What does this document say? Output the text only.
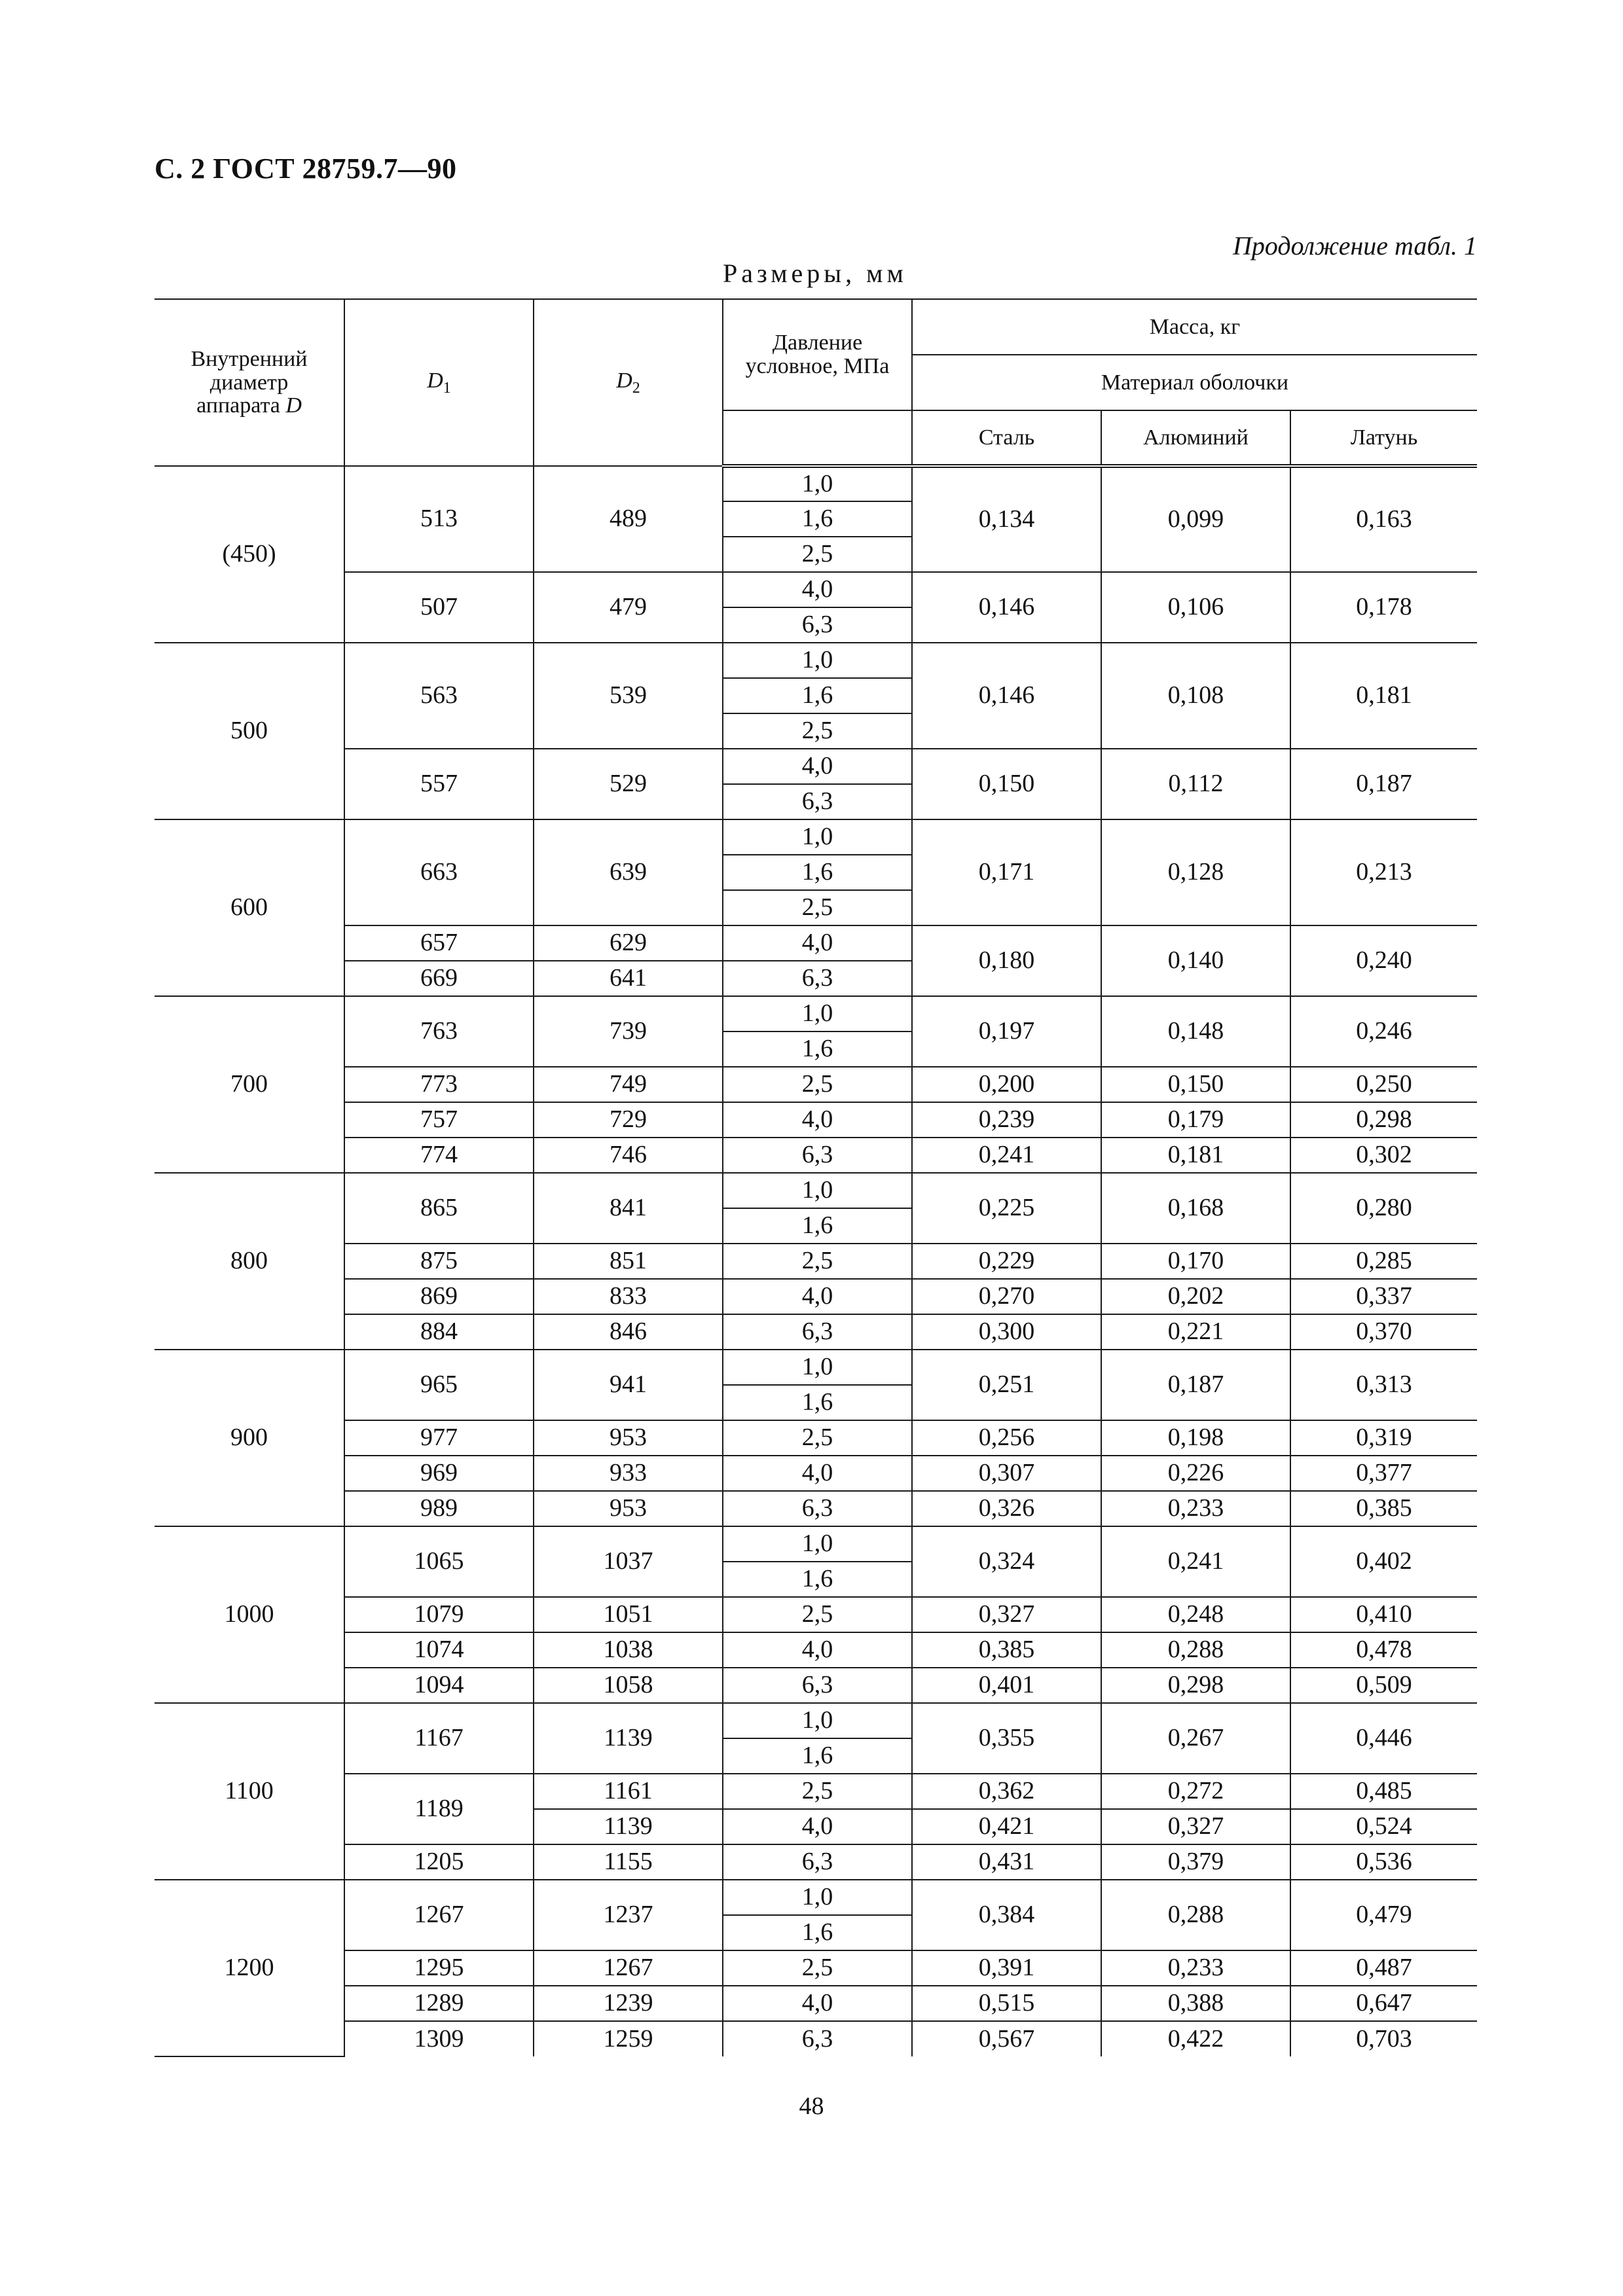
С. 2 ГОСТ 28759.7—90
Продолжение табл. 1
Размеры, мм
Внутренний
диаметр
аппарата D	$D_1$	$D_2$	Давление
условное, МПа	Масса, кг		
				Материал оболочки		
				Сталь	Алюминий	Латунь
(450)	513	489	1,0	0,134	0,099	0,163
			1,6			
			2,5			
	507	479	4,0	0,146	0,106	0,178
			6,3			
500	563	539	1,0	0,146	0,108	0,181
			1,6			
			2,5			
	557	529	4,0	0,150	0,112	0,187
			6,3			
600	663	639	1,0	0,171	0,128	0,213
			1,6			
			2,5			
	657	629	4,0	0,180	0,140	0,240
	669	641	6,3			
700	763	739	1,0	0,197	0,148	0,246
			1,6			
	773	749	2,5	0,200	0,150	0,250
	757	729	4,0	0,239	0,179	0,298
	774	746	6,3	0,241	0,181	0,302
800	865	841	1,0	0,225	0,168	0,280
			1,6			
	875	851	2,5	0,229	0,170	0,285
	869	833	4,0	0,270	0,202	0,337
	884	846	6,3	0,300	0,221	0,370
900	965	941	1,0	0,251	0,187	0,313
			1,6			
	977	953	2,5	0,256	0,198	0,319
	969	933	4,0	0,307	0,226	0,377
	989	953	6,3	0,326	0,233	0,385
1000	1065	1037	1,0	0,324	0,241	0,402
			1,6			
	1079	1051	2,5	0,327	0,248	0,410
	1074	1038	4,0	0,385	0,288	0,478
	1094	1058	6,3	0,401	0,298	0,509
1100	1167	1139	1,0	0,355	0,267	0,446
			1,6			
	1189	1161	2,5	0,362	0,272	0,485
		1139	4,0	0,421	0,327	0,524
	1205	1155	6,3	0,431	0,379	0,536
1200	1267	1237	1,0	0,384	0,288	0,479
			1,6			
	1295	1267	2,5	0,391	0,233	0,487
	1289	1239	4,0	0,515	0,388	0,647
	1309	1259	6,3	0,567	0,422	0,703
48
